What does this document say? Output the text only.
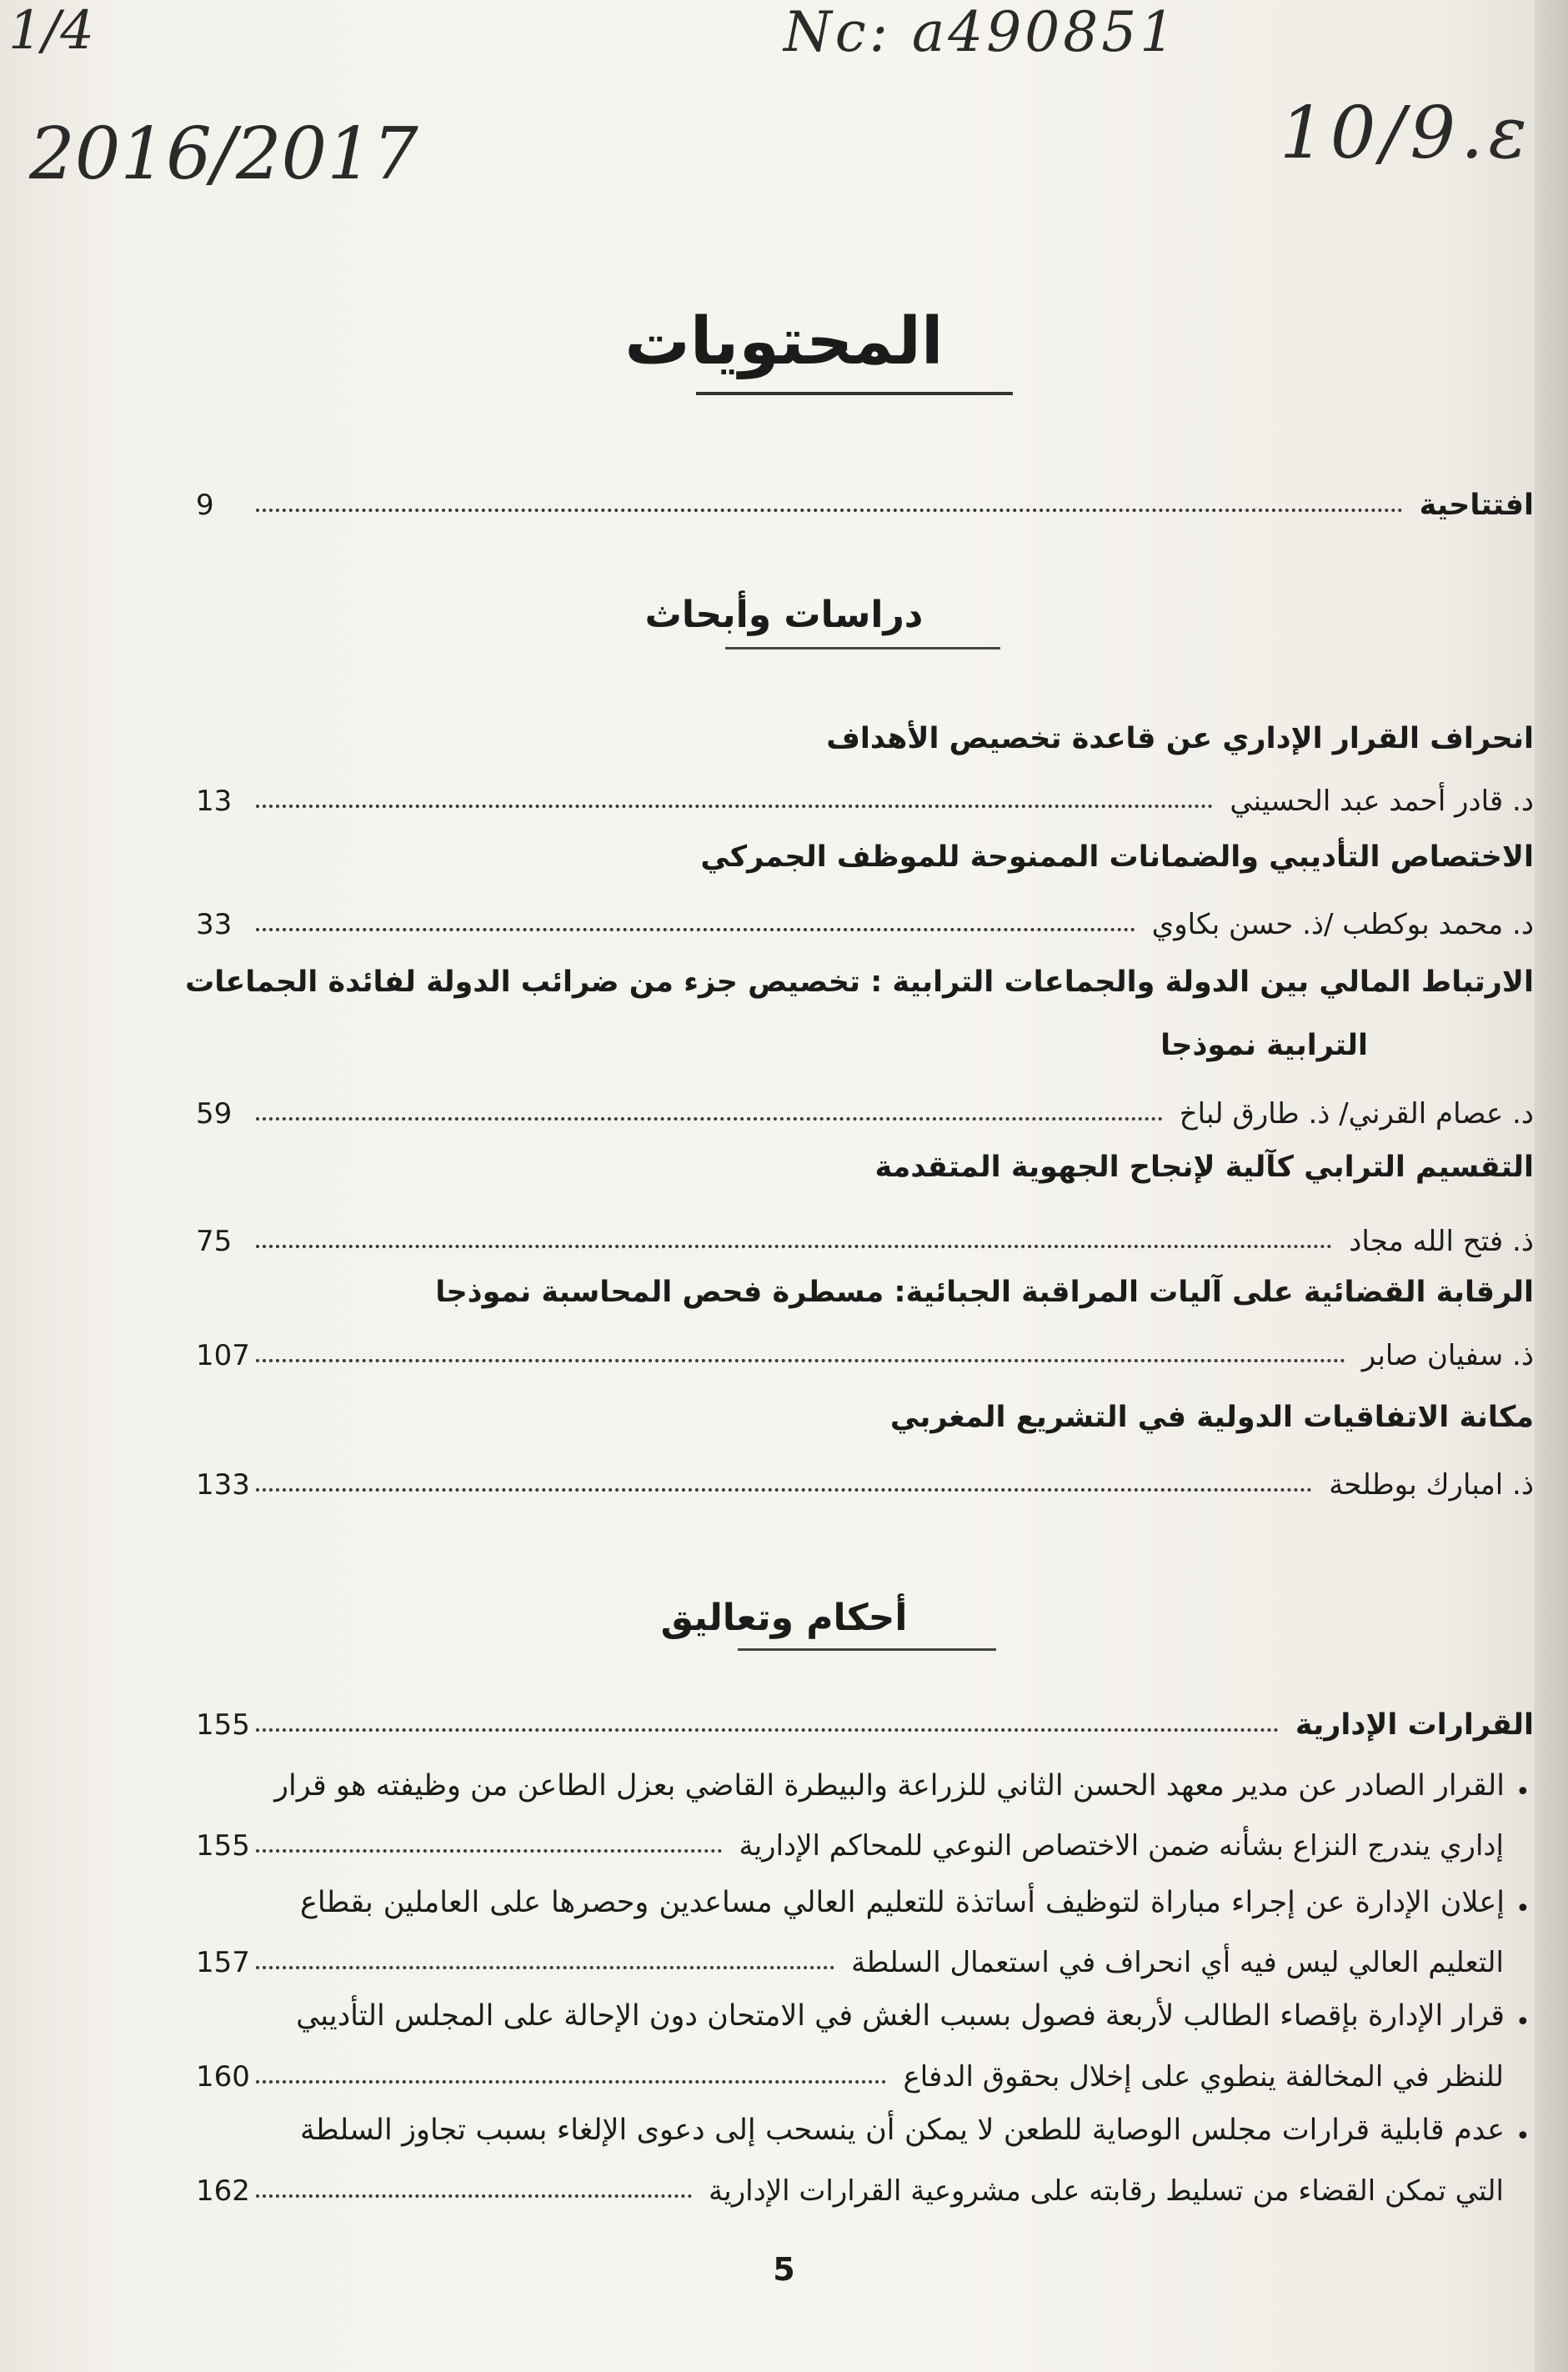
1/4	Nc: a490851
2016/2017	10/9.ε
المحتويات
افتتاحية
9
دراسات وأبحاث
انحراف القرار الإداري عن قاعدة تخصيص الأهداف
د. قادر أحمد عبد الحسيني
13
الاختصاص التأديبي والضمانات الممنوحة للموظف الجمركي
د. محمد بوكطب /ذ. حسن بكاوي
33
الارتباط المالي بين الدولة والجماعات الترابية : تخصيص جزء من ضرائب الدولة لفائدة الجماعات
الترابية نموذجا
د. عصام القرني/ ذ. طارق لباخ
59
التقسيم الترابي كآلية لإنجاح الجهوية المتقدمة
ذ. فتح الله مجاد
75
الرقابة القضائية على آليات المراقبة الجبائية: مسطرة فحص المحاسبة نموذجا
ذ. سفيان صابر
107
مكانة الاتفاقيات الدولية في التشريع المغربي
ذ. امبارك بوطلحة
133
أحكام وتعاليق
القرارات الإدارية
155
•
القرار الصادر عن مدير معهد الحسن الثاني للزراعة والبيطرة القاضي بعزل الطاعن من وظيفته هو قرار
إداري يندرج النزاع بشأنه ضمن الاختصاص النوعي للمحاكم الإدارية
155
•
إعلان الإدارة عن إجراء مباراة لتوظيف أساتذة للتعليم العالي مساعدين وحصرها على العاملين بقطاع
التعليم العالي ليس فيه أي انحراف في استعمال السلطة
157
•
قرار الإدارة بإقصاء الطالب لأربعة فصول بسبب الغش في الامتحان دون الإحالة على المجلس التأديبي
للنظر في المخالفة ينطوي على إخلال بحقوق الدفاع
160
•
عدم قابلية قرارات مجلس الوصاية للطعن لا يمكن أن ينسحب إلى دعوى الإلغاء بسبب تجاوز السلطة
التي تمكن القضاء من تسليط رقابته على مشروعية القرارات الإدارية
162
5
